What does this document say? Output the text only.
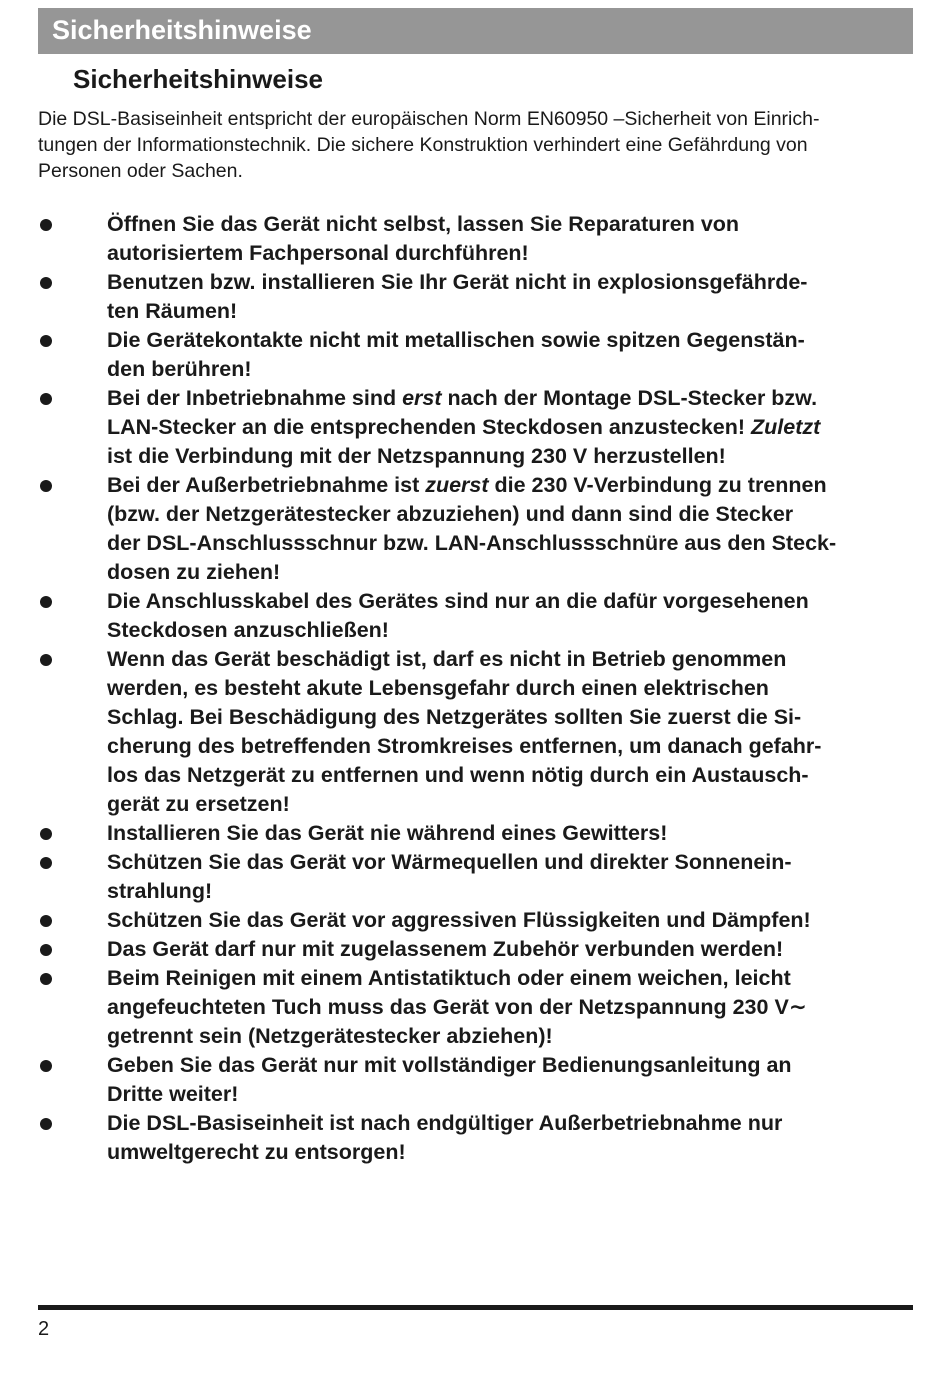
Sicherheitshinweise
Sicherheitshinweise
Die DSL-Basiseinheit entspricht der europäischen Norm EN60950 –Sicherheit von Einrich-
tungen der Informationstechnik. Die sichere Konstruktion verhindert eine Gefährdung von
Personen oder Sachen.
Öffnen Sie das Gerät nicht selbst, lassen Sie Reparaturen von
autorisiertem Fachpersonal durchführen!
Benutzen bzw. installieren Sie Ihr Gerät nicht in explosionsgefährde-
ten Räumen!
Die Gerätekontakte nicht mit metallischen sowie spitzen Gegenstän-
den berühren!
Bei der Inbetriebnahme sind erst nach der Montage DSL-Stecker bzw.
LAN-Stecker an die entsprechenden Steckdosen anzustecken! Zuletzt
ist die Verbindung mit der Netzspannung 230 V herzustellen!
Bei der Außerbetriebnahme ist zuerst die 230 V-Verbindung zu trennen
(bzw. der Netzgerätestecker abzuziehen) und dann sind die Stecker
der DSL-Anschlussschnur bzw. LAN-Anschlussschnüre aus den Steck-
dosen zu ziehen!
Die Anschlusskabel des Gerätes sind nur an die dafür vorgesehenen
Steckdosen anzuschließen!
Wenn das Gerät beschädigt ist, darf es nicht in Betrieb genommen
werden, es besteht akute Lebensgefahr durch einen elektrischen
Schlag. Bei Beschädigung des Netzgerätes sollten Sie zuerst die Si-
cherung des betreffenden Stromkreises entfernen, um danach gefahr-
los das Netzgerät zu entfernen und wenn nötig durch ein Austausch-
gerät zu ersetzen!
Installieren Sie das Gerät nie während eines Gewitters!
Schützen Sie das Gerät vor Wärmequellen und direkter Sonnenein-
strahlung!
Schützen Sie das Gerät vor aggressiven Flüssigkeiten und Dämpfen!
Das Gerät darf nur mit zugelassenem Zubehör verbunden werden!
Beim Reinigen mit einem Antistatiktuch oder einem weichen, leicht
angefeuchteten Tuch muss das Gerät von der Netzspannung 230 V∼
getrennt sein (Netzgerätestecker abziehen)!
Geben Sie das Gerät nur mit vollständiger Bedienungsanleitung an
Dritte weiter!
Die DSL-Basiseinheit ist nach endgültiger Außerbetriebnahme nur
umweltgerecht zu entsorgen!
2
